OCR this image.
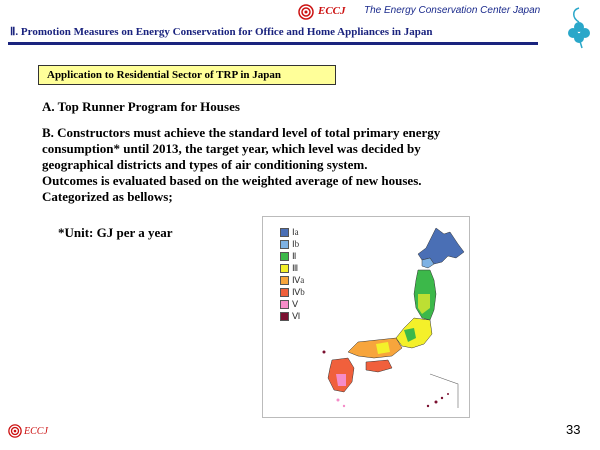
ECCJ The Energy Conservation Center Japan
Ⅱ. Promotion Measures on Energy Conservation for Office and Home Appliances in Japan
Application to Residential Sector of TRP in Japan
A. Top Runner Program for Houses
B. Constructors must achieve the standard level of total primary energy
consumption* until 2013, the target year, which level was decided by
geographical districts and types of air conditioning system.
Outcomes is evaluated based on the weighted average of new houses.
Categorized as bellows;
*Unit: GJ per a year	Ⅰa
Ⅰb
Ⅱ
Ⅲ
Ⅳa
Ⅳb
Ⅴ
Ⅵ
ECCJ	33
